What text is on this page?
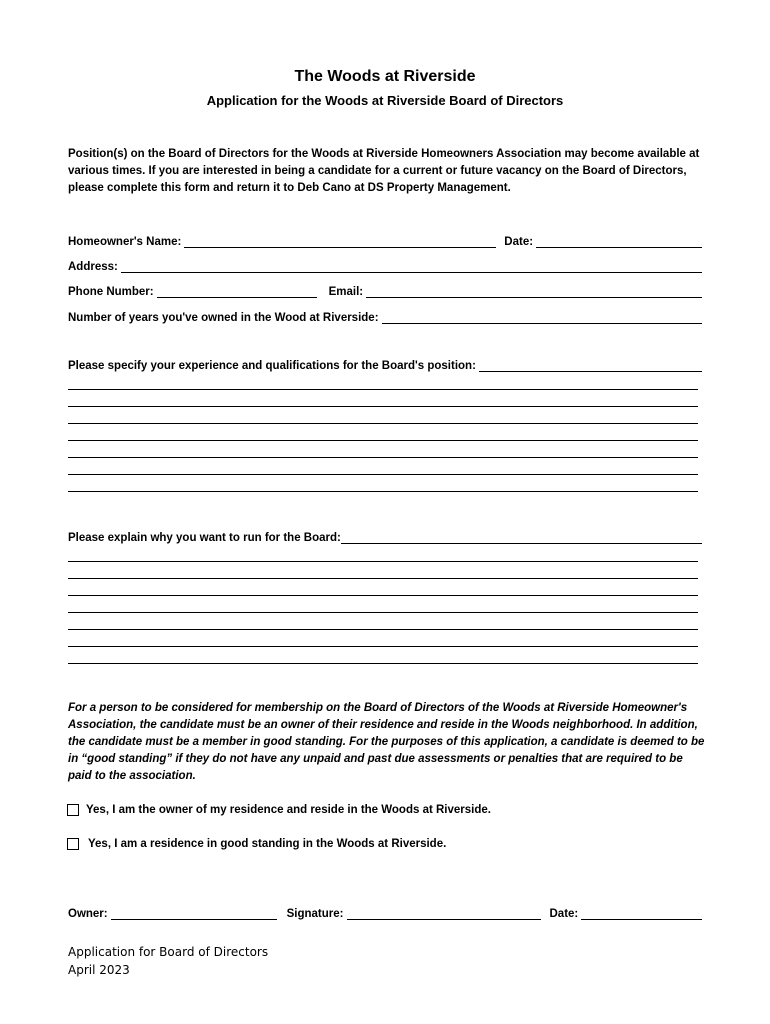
The Woods at Riverside
Application for the Woods at Riverside Board of Directors
Position(s) on the Board of Directors for the Woods at Riverside Homeowners Association may become available at various times. If you are interested in being a candidate for a current or future vacancy on the Board of Directors, please complete this form and return it to Deb Cano at DS Property Management.
Homeowner's Name:	Date:
Address:
Phone Number:	Email:
Number of years you've owned in the Wood at Riverside:
Please specify your experience and qualifications for the Board's position:
Please explain why you want to run for the Board:
For a person to be considered for membership on the Board of Directors of the Woods at Riverside Homeowner's Association, the candidate must be an owner of their residence and reside in the Woods neighborhood. In addition, the candidate must be a member in good standing. For the purposes of this application, a candidate is deemed to be in “good standing” if they do not have any unpaid and past due assessments or penalties that are required to be paid to the association.
Yes, I am the owner of my residence and reside in the Woods at Riverside.
Yes, I am a residence in good standing in the Woods at Riverside.
Owner:	Signature:	Date:
Application for Board of Directors
April 2023
